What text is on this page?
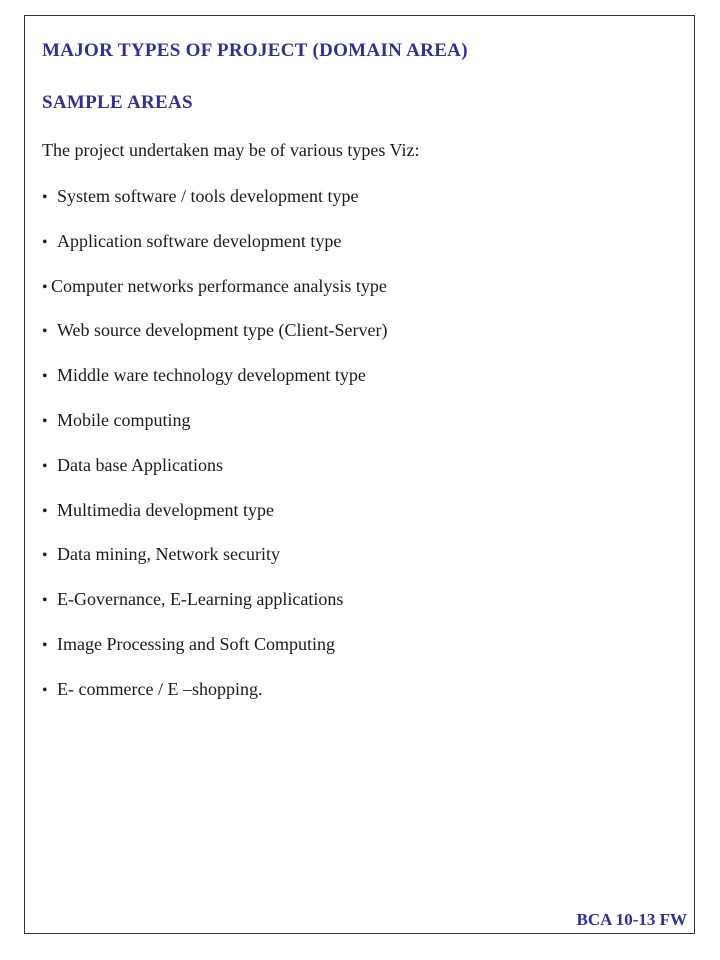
MAJOR TYPES OF PROJECT (DOMAIN AREA)
SAMPLE AREAS
The project undertaken may be of various types Viz:
• System software / tools development type
• Application software development type
• Computer networks performance analysis type
• Web source development type (Client-Server)
• Middle ware technology development type
• Mobile computing
• Data base Applications
• Multimedia development type
• Data mining, Network security
• E-Governance, E-Learning applications
• Image Processing and Soft Computing
• E- commerce / E –shopping.
BCA 10-13 FW
